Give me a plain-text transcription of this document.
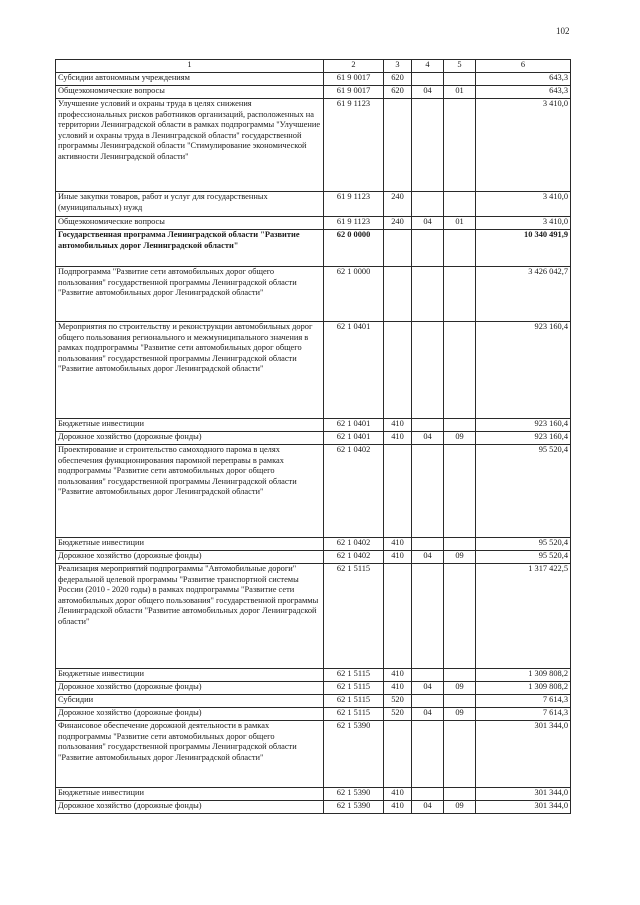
102
1	2	3	4	5	6
Субсидии автономным учреждениям	61 9 0017	620			643,3
Общеэкономические вопросы	61 9 0017	620	04	01	643,3
Улучшение условий и охраны труда в целях снижения профессиональных рисков работников организаций, расположенных на территории Ленинградской области в рамках подпрограммы "Улучшение условий и охраны труда в Ленинградской области" государственной программы Ленинградской области "Стимулирование экономической активности Ленинградской области"	61 9 1123				3 410,0
Иные закупки товаров, работ и услуг для государственных (муниципальных) нужд	61 9 1123	240			3 410,0
Общеэкономические вопросы	61 9 1123	240	04	01	3 410,0
Государственная программа Ленинградской области "Развитие автомобильных дорог Ленинградской области"	62 0 0000				10 340 491,9
Подпрограмма "Развитие сети автомобильных дорог общего пользования" государственной программы Ленинградской области "Развитие автомобильных дорог Ленинградской области"	62 1 0000				3 426 042,7
Мероприятия по строительству и реконструкции автомобильных дорог общего пользования регионального и межмуниципального значения в рамках подпрограммы "Развитие сети автомобильных дорог общего пользования" государственной программы Ленинградской области "Развитие автомобильных дорог Ленинградской области"	62 1 0401				923 160,4
Бюджетные инвестиции	62 1 0401	410			923 160,4
Дорожное хозяйство (дорожные фонды)	62 1 0401	410	04	09	923 160,4
Проектирование и строительство самоходного парома в целях обеспечения функционирования паромной переправы в рамках подпрограммы "Развитие сети автомобильных дорог общего пользования" государственной программы Ленинградской области "Развитие автомобильных дорог Ленинградской области"	62 1 0402				95 520,4
Бюджетные инвестиции	62 1 0402	410			95 520,4
Дорожное хозяйство (дорожные фонды)	62 1 0402	410	04	09	95 520,4
Реализация мероприятий подпрограммы "Автомобильные дороги" федеральной целевой программы "Развитие транспортной системы России (2010 - 2020 годы) в рамках подпрограммы "Развитие сети автомобильных дорог общего пользования" государственной программы Ленинградской области "Развитие автомобильных дорог Ленинградской области"	62 1 5115				1 317 422,5
Бюджетные инвестиции	62 1 5115	410			1 309 808,2
Дорожное хозяйство (дорожные фонды)	62 1 5115	410	04	09	1 309 808,2
Субсидии	62 1 5115	520			7 614,3
Дорожное хозяйство (дорожные фонды)	62 1 5115	520	04	09	7 614,3
Финансовое обеспечение дорожной деятельности в рамках подпрограммы "Развитие сети автомобильных дорог общего пользования" государственной программы Ленинградской области "Развитие автомобильных дорог Ленинградской области"	62 1 5390				301 344,0
Бюджетные инвестиции	62 1 5390	410			301 344,0
Дорожное хозяйство (дорожные фонды)	62 1 5390	410	04	09	301 344,0
